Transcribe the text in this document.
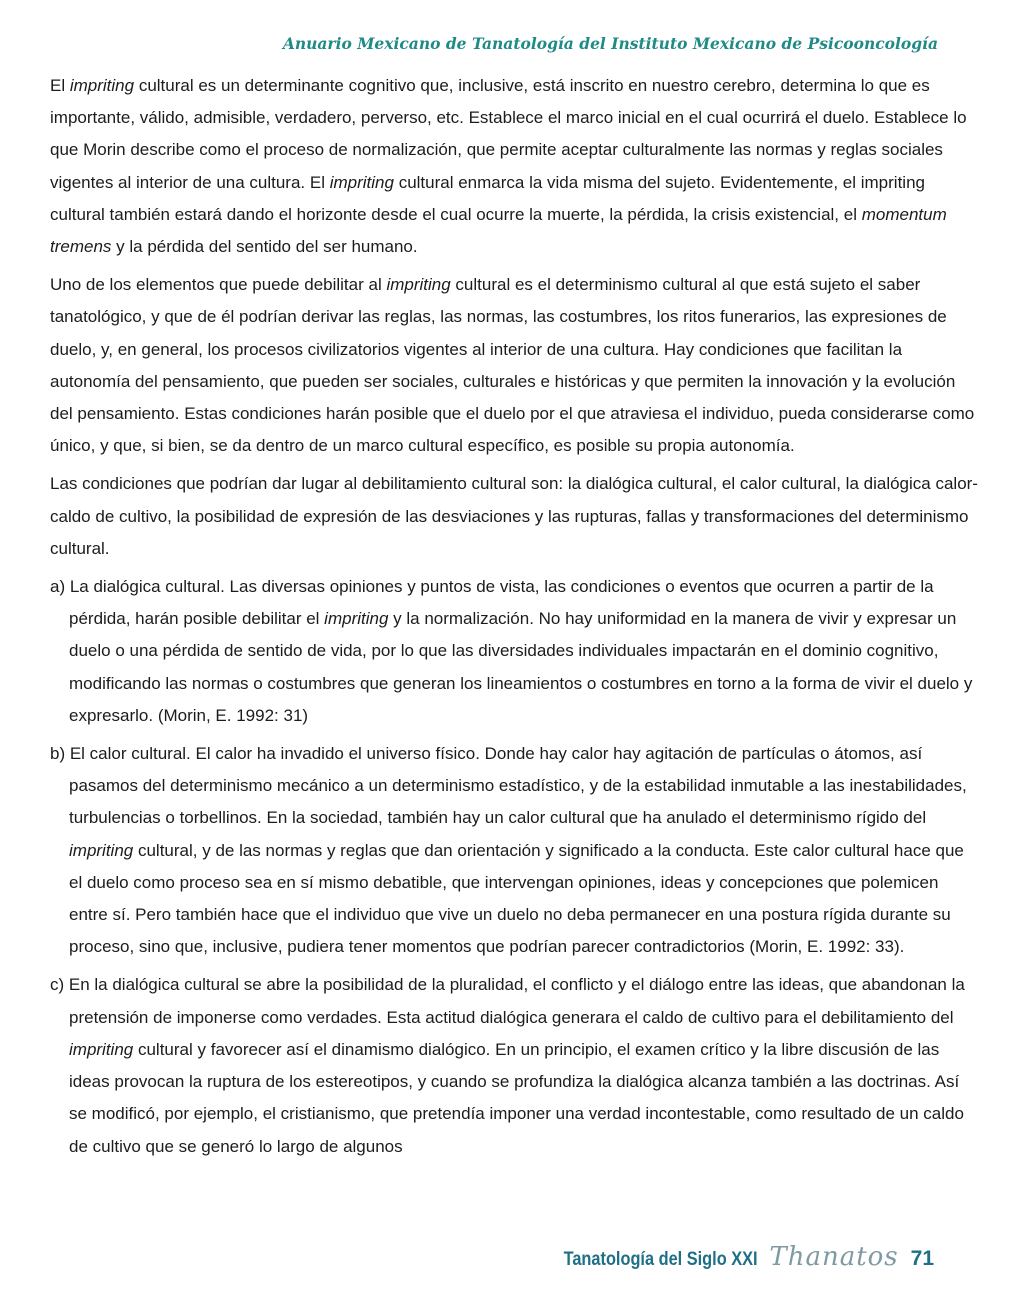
Anuario Mexicano de Tanatología del Instituto Mexicano de Psicooncología

El impriting cultural es un determinante cognitivo que, inclusive, está inscrito en nuestro cerebro, determina lo que es importante, válido, admisible, verdadero, perverso, etc. Establece el marco inicial en el cual ocurrirá el duelo. Establece lo que Morin describe como el proceso de normalización, que permite aceptar culturalmente las normas y reglas sociales vigentes al interior de una cultura. El impriting cultural enmarca la vida misma del sujeto. Evidentemente, el impriting cultural también estará dando el horizonte desde el cual ocurre la muerte, la pérdida, la crisis existencial, el momentum tremens y la pérdida del sentido del ser humano.

Uno de los elementos que puede debilitar al impriting cultural es el determinismo cultural al que está sujeto el saber tanatológico, y que de él podrían derivar las reglas, las normas, las costumbres, los ritos funerarios, las expresiones de duelo, y, en general, los procesos civilizatorios vigentes al interior de una cultura. Hay condiciones que facilitan la autonomía del pensamiento, que pueden ser sociales, culturales e históricas y que permiten la innovación y la evolución del pensamiento. Estas condiciones harán posible que el duelo por el que atraviesa el individuo, pueda considerarse como único, y que, si bien, se da dentro de un marco cultural específico, es posible su propia autonomía.

Las condiciones que podrían dar lugar al debilitamiento cultural son: la dialógica cultural, el calor cultural, la dialógica calor-caldo de cultivo, la posibilidad de expresión de las desviaciones y las rupturas, fallas y transformaciones del determinismo cultural.

a) La dialógica cultural. Las diversas opiniones y puntos de vista, las condiciones o eventos que ocurren a partir de la pérdida, harán posible debilitar el impriting y la normalización. No hay uniformidad en la manera de vivir y expresar un duelo o una pérdida de sentido de vida, por lo que las diversidades individuales impactarán en el dominio cognitivo, modificando las normas o costumbres que generan los lineamientos o costumbres en torno a la forma de vivir el duelo y expresarlo. (Morin, E. 1992: 31)

b) El calor cultural. El calor ha invadido el universo físico. Donde hay calor hay agitación de partículas o átomos, así pasamos del determinismo mecánico a un determinismo estadístico, y de la estabilidad inmutable a las inestabilidades, turbulencias o torbellinos. En la sociedad, también hay un calor cultural que ha anulado el determinismo rígido del impriting cultural, y de las normas y reglas que dan orientación y significado a la conducta. Este calor cultural hace que el duelo como proceso sea en sí mismo debatible, que intervengan opiniones, ideas y concepciones que polemicen entre sí. Pero también hace que el individuo que vive un duelo no deba permanecer en una postura rígida durante su proceso, sino que, inclusive, pudiera tener momentos que podrían parecer contradictorios (Morin, E. 1992: 33).

c) En la dialógica cultural se abre la posibilidad de la pluralidad, el conflicto y el diálogo entre las ideas, que abandonan la pretensión de imponerse como verdades. Esta actitud dialógica generara el caldo de cultivo para el debilitamiento del impriting cultural y favorecer así el dinamismo dialógico. En un principio, el examen crítico y la libre discusión de las ideas provocan la ruptura de los estereotipos, y cuando se profundiza la dialógica alcanza también a las doctrinas. Así se modificó, por ejemplo, el cristianismo, que pretendía imponer una verdad incontestable, como resultado de un caldo de cultivo que se generó lo largo de algunos

Tanatología del Siglo XXI Thanatos 71
